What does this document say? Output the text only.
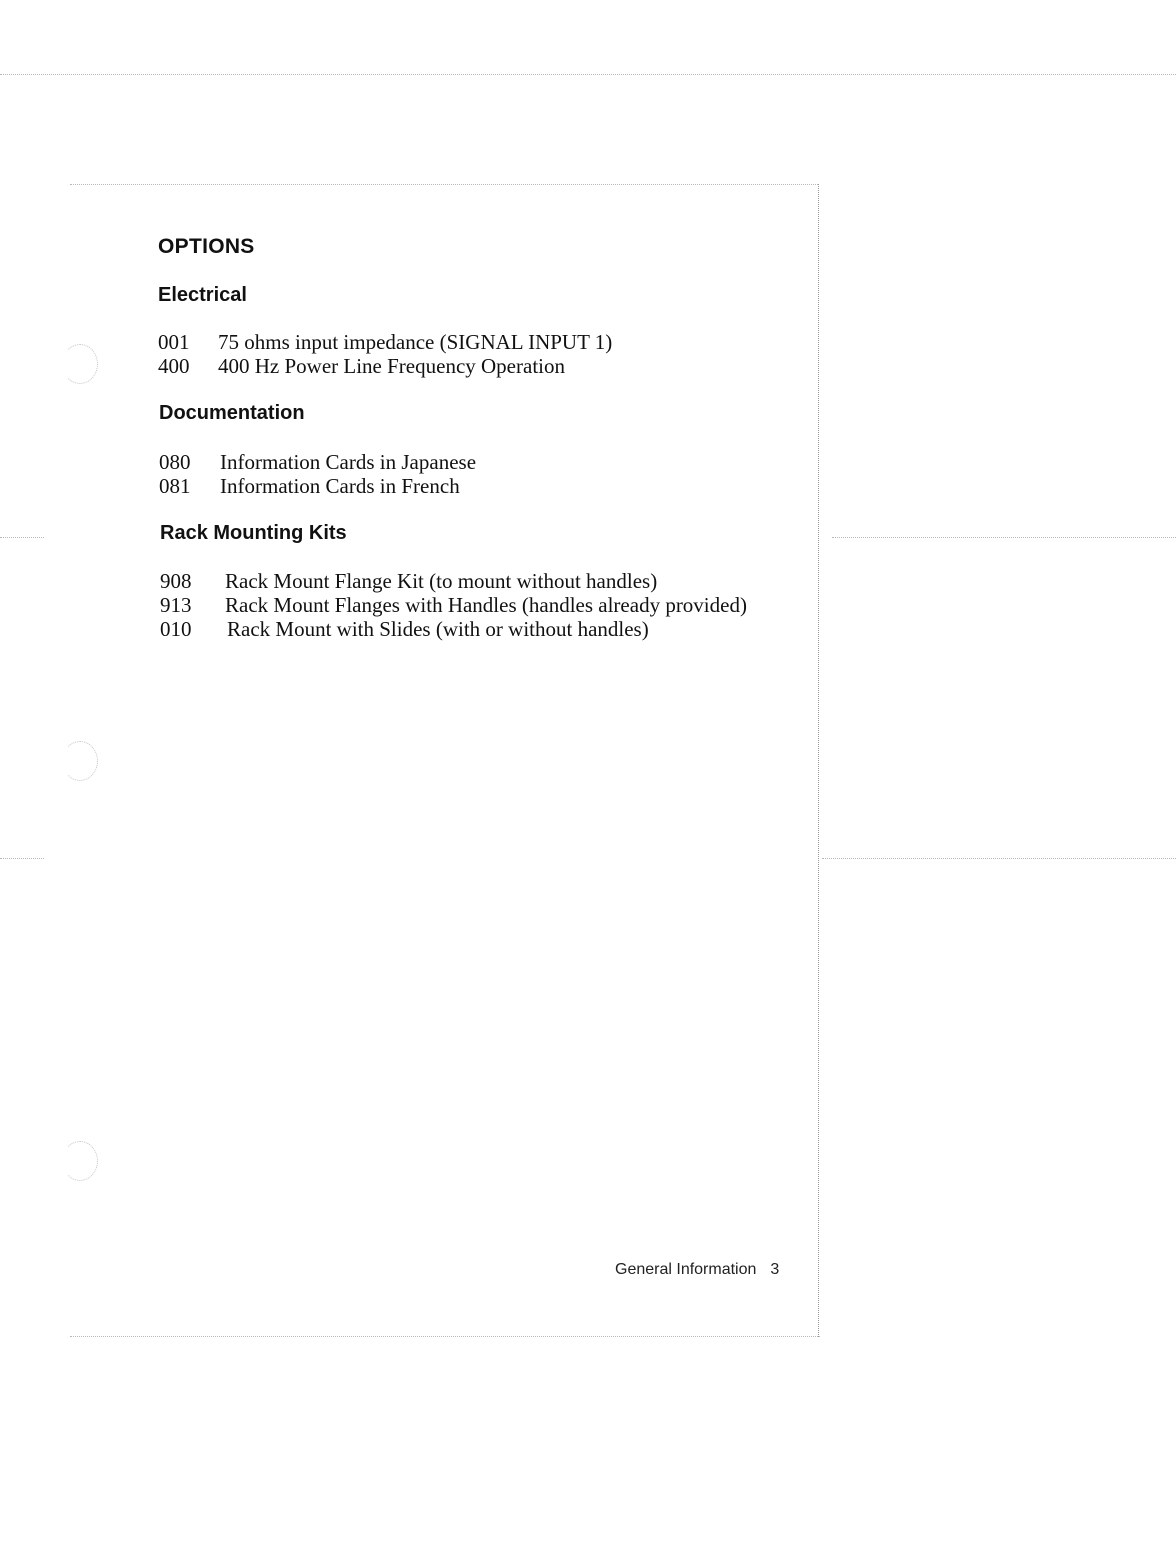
OPTIONS
Electrical
001	75 ohms input impedance (SIGNAL INPUT 1)
400	400 Hz Power Line Frequency Operation
Documentation
080	Information Cards in Japanese
081	Information Cards in French
Rack Mounting Kits
908	Rack Mount Flange Kit (to mount without handles)
913	Rack Mount Flanges with Handles (handles already provided)
010	Rack Mount with Slides (with or without handles)
General Information 3
